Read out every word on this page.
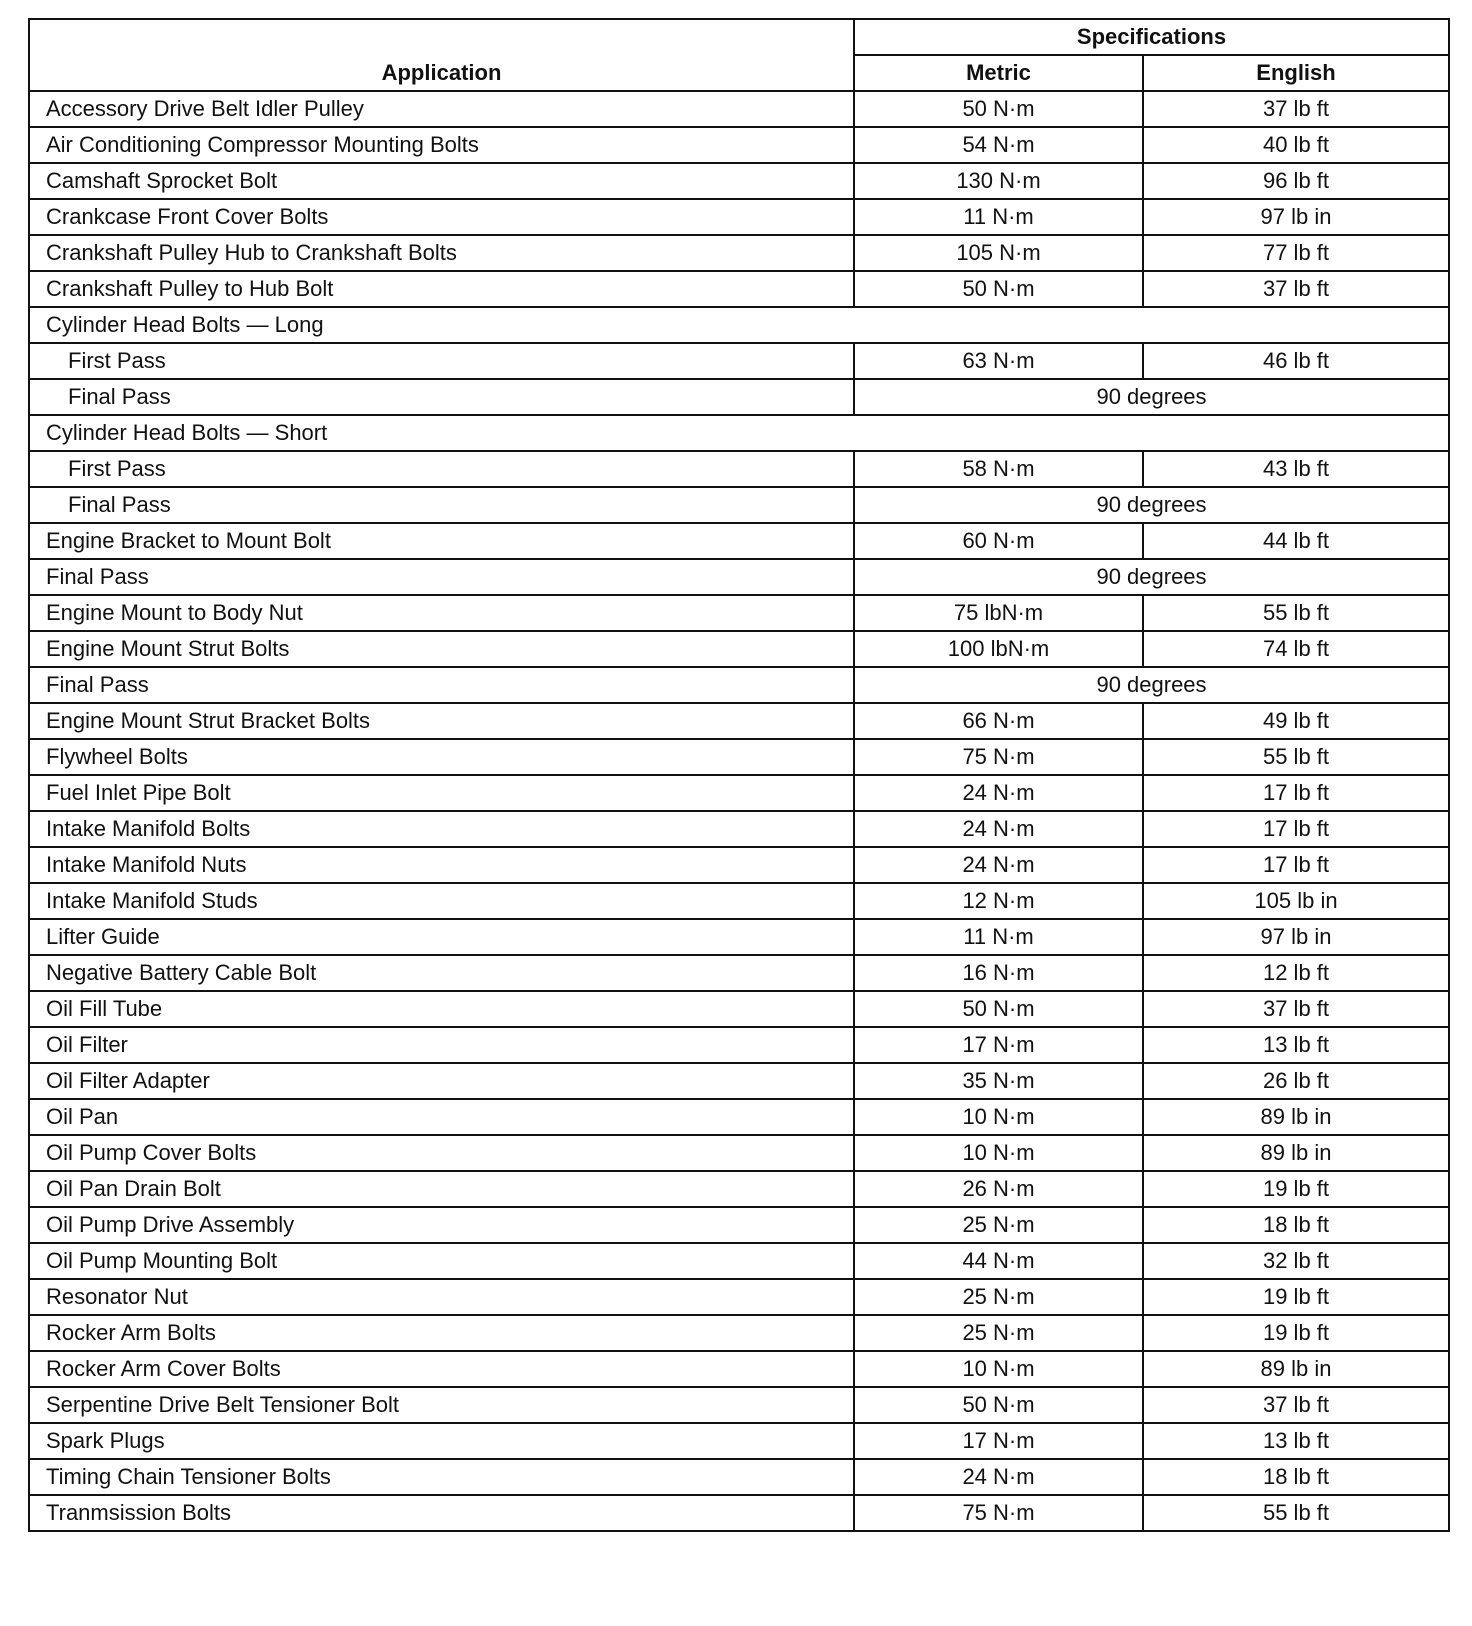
Application	Specifications	
	Metric	English
Accessory Drive Belt Idler Pulley	50 N·m	37 lb ft
Air Conditioning Compressor Mounting Bolts	54 N·m	40 lb ft
Camshaft Sprocket Bolt	130 N·m	96 lb ft
Crankcase Front Cover Bolts	11 N·m	97 lb in
Crankshaft Pulley Hub to Crankshaft Bolts	105 N·m	77 lb ft
Crankshaft Pulley to Hub Bolt	50 N·m	37 lb ft
Cylinder Head Bolts — Long		
First Pass	63 N·m	46 lb ft
Final Pass	90 degrees	
Cylinder Head Bolts — Short		
First Pass	58 N·m	43 lb ft
Final Pass	90 degrees	
Engine Bracket to Mount Bolt	60 N·m	44 lb ft
Final Pass	90 degrees	
Engine Mount to Body Nut	75 lbN·m	55 lb ft
Engine Mount Strut Bolts	100 lbN·m	74 lb ft
Final Pass	90 degrees	
Engine Mount Strut Bracket Bolts	66 N·m	49 lb ft
Flywheel Bolts	75 N·m	55 lb ft
Fuel Inlet Pipe Bolt	24 N·m	17 lb ft
Intake Manifold Bolts	24 N·m	17 lb ft
Intake Manifold Nuts	24 N·m	17 lb ft
Intake Manifold Studs	12 N·m	105 lb in
Lifter Guide	11 N·m	97 lb in
Negative Battery Cable Bolt	16 N·m	12 lb ft
Oil Fill Tube	50 N·m	37 lb ft
Oil Filter	17 N·m	13 lb ft
Oil Filter Adapter	35 N·m	26 lb ft
Oil Pan	10 N·m	89 lb in
Oil Pump Cover Bolts	10 N·m	89 lb in
Oil Pan Drain Bolt	26 N·m	19 lb ft
Oil Pump Drive Assembly	25 N·m	18 lb ft
Oil Pump Mounting Bolt	44 N·m	32 lb ft
Resonator Nut	25 N·m	19 lb ft
Rocker Arm Bolts	25 N·m	19 lb ft
Rocker Arm Cover Bolts	10 N·m	89 lb in
Serpentine Drive Belt Tensioner Bolt	50 N·m	37 lb ft
Spark Plugs	17 N·m	13 lb ft
Timing Chain Tensioner Bolts	24 N·m	18 lb ft
Tranmsission Bolts	75 N·m	55 lb ft
